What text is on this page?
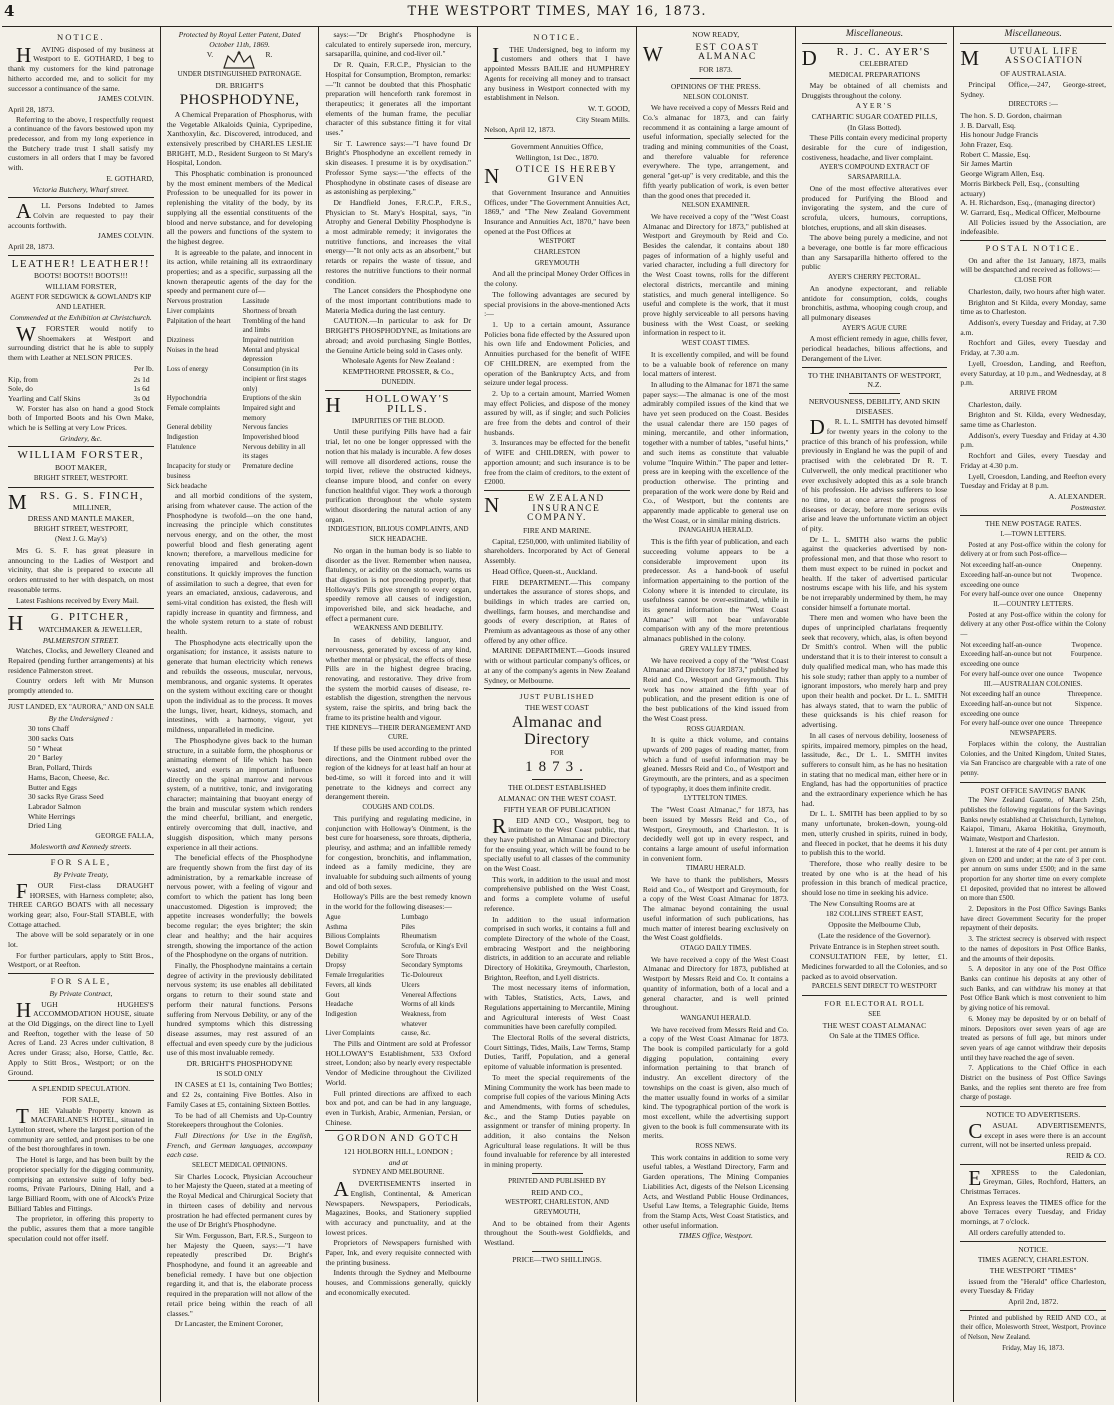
4	THE WESTPORT TIMES, MAY 16, 1873.
NOTICE.

H AVING disposed of my business at Westport to E. GOTHARD, I beg to thank my customers for the kind patronage hitherto accorded me, and to solicit for my successor a continuance of the same.

JAMES COLVIN.
April 28, 1873.

Referring to the above, I respectfully request a continuance of the favors bestowed upon my predecessor, and from my long experience in the Butchery trade trust I shall satisfy my customers in all orders that I may be favored with.

E. GOTHARD,
Victoria Butchery, Wharf street.

A LL Persons Indebted to James Colvin are requested to pay their accounts forthwith.

JAMES COLVIN.
April 28, 1873.
LEATHER! LEATHER!!
BOOTS! BOOTS!! BOOTS!!!
WILLIAM FORSTER,
AGENT FOR SEDGWICK & GOWLAND'S KIP AND LEATHER.
Commended at the Exhibition at Christchurch.

W FORSTER would notify to Shoemakers at Westport and surrounding district that he is able to supply them with Leather at NELSON PRICES.

Per lb.
Kip, from	2s 1d
Sole, do	1s 6d
Yearling and Calf Skins	3s 0d

W. Forster has also on hand a good Stock both of Imported Boots and his Own Make, which he is Selling at very Low Prices.

Grindery, &c.
WILLIAM FORSTER,
BOOT MAKER,
BRIGHT STREET, WESTPORT.
M RS. G. S. FINCH,
MILLINER,
DRESS AND MANTLE MAKER,
BRIGHT STREET, WESTPORT,
(Next J. G. May's)

Mrs G. S. F. has great pleasure in announcing to the Ladies of Westport and vicinity, that she is prepared to execute all orders entrusted to her with despatch, on most reasonable terms.

Latest Fashions received by Every Mail.

H G. PITCHER,
WATCHMAKER & JEWELLER,
PALMERSTON STREET.

Watches, Clocks, and Jewellery Cleaned and Repaired (pending further arrangements) at his residence Palmerston street.

Country orders left with Mr Munson promptly attended to.

JUST LANDED, EX "AURORA," AND ON SALE
By the Undersigned :
30 tons Chaff
300 sacks Oats
50 " Wheat
20 " Barley
Bran, Pollard, Thirds
Hams, Bacon, Cheese, &c.
Butter and Eggs
30 sacks Rye Grass Seed
Labrador Salmon
White Herrings
Dried Ling
GEORGE FALLA,
Molesworth and Kennedy streets.
FOR SALE,
By Private Treaty,

F OUR First-class DRAUGHT HORSES, with Harness complete; also, THREE CARGO BOATS with all necessary working gear; also, Four-Stall STABLE, with Cottage attached.

The above will be sold separately or in one lot.

For further particulars, apply to Stitt Bros., Westport, or at Reefton.

FOR SALE,
By Private Contract,

H UGH HUGHES'S ACCOMMODATION HOUSE, situate at the Old Diggings, on the direct line to Lyell and Reefton, together with the lease of 50 Acres of Land. 23 Acres under cultivation, 8 Acres under Grass; also, Horse, Cattle, &c. Apply to Stitt Bros., Westport; or on the Ground.

A SPLENDID SPECULATION.
FOR SALE,

T HE Valuable Property known as MACFARLANE'S HOTEL, situated in Lyttelton street, where the largest portion of the community are settled, and promises to be one of the best thoroughfares in town.

The Hotel is large, and has been built by the proprietor specially for the digging community, comprising an extensive suite of lofty bed-rooms, Private Parlours, Dining Hall, and a large Billiard Room, with one of Alcock's Prize Billiard Tables and Fittings.

The proprietor, in offering this property to the public, assures them that a more tangible speculation could not offer itself.

Protected by Royal Letter Patent, Dated October 11th, 1869.
V.	R.
UNDER DISTINGUISHED PATRONAGE.
DR. BRIGHT'S
PHOSPHODYNE,

A Chemical Preparation of Phosphorus, with the Vegetable Alkaloids Quinia, Cypripedine, Xanthoxylin, &c. Discovered, introduced, and extensively prescribed by CHARLES LESLIE BRIGHT, M.D., Resident Surgeon to St Mary's Hospital, London.

This Phosphatic combination is pronounced by the most eminent members of the Medical Profession to be unequalled for its power in replenishing the vitality of the body, by its supplying all the essential constituents of the blood and nerve substance, and for developing all the powers and functions of the system to the highest degree.

It is agreeable to the palate, and innocent in its action, while retaining all its extraordinary properties; and as a specific, surpassing all the known therapeutic agents of the day for the speedy and permanent cure of—

Nervous prostration	Lassitude
Liver complaints	Shortness of breath
Palpitation of the heart	Trembling of the hand and limbs
Dizziness	Impaired nutrition
Noises in the head	Mental and physical depression
Loss of energy	Consumption (in its incipient or first stages only)
Hypochondria	Eruptions of the skin
Female complaints	Impaired sight and memory
General debility	Nervous fancies
Indigestion	Impoverished blood
Flatulence	Nervous debility in all its stages
Incapacity for study or business
Premature decline
Sick headache

and all morbid conditions of the system, arising from whatever cause. The action of the Phosphodyne is twofold—on the one hand, increasing the principle which constitutes nervous energy, and on the other, the most powerful blood and flesh generating agent known; therefore, a marvellous medicine for renovating impaired and broken-down constitutions. It quickly improves the function of assimilation to such a degree, that even for years an emaciated, anxious, cadaverous, and semi-vital condition has existed, the flesh will rapidly increase in quantity and firmness, and the whole system return to a state of robust health.

The Phosphodyne acts electrically upon the organisation; for instance, it assists nature to generate that human electricity which renews and rebuilds the osseous, muscular, nervous, membranous, and organic systems. It operates on the system without exciting care or thought upon the individual as to the process. It moves the lungs, liver, heart, kidneys, stomach, and intestines, with a harmony, vigour, yet mildness, unparalleled in medicine.

The Phosphodyne gives back to the human structure, in a suitable form, the phosphorus or animating element of life which has been wasted, and exerts an important influence directly on the spinal marrow and nervous system, of a nutritive, tonic, and invigorating character; maintaining that buoyant energy of the brain and muscular system which renders the mind cheerful, brilliant, and energetic, entirely overcoming that dull, inactive, and sluggish disposition, which many persons experience in all their actions.

The beneficial effects of the Phosphodyne are frequently shown from the first day of its administration, by a remarkable increase of nervous power, with a feeling of vigour and comfort to which the patient has long been unaccustomed. Digestion is improved; the appetite increases wonderfully; the bowels become regular; the eyes brighter; the skin clear and healthy; and the hair acquires strength, showing the importance of the action of the Phosphodyne on the organs of nutrition.

Finally, the Phosphodyne maintains a certain degree of activity in the previously debilitated nervous system; its use enables all debilitated organs to return to their sound state and perform their natural functions. Persons suffering from Nervous Debility, or any of the hundred symptoms which this distressing disease assumes, may rest assured of an effectual and even speedy cure by the judicious use of this most invaluable remedy.

DR. BRIGHT'S PHOSPHODYNE
IS SOLD ONLY

IN CASES at £1 1s, containing Two Bottles; and £2 2s, containing Five Bottles. Also in Family Cases at £5, containing Sixteen Bottles.

To be had of all Chemists and Up-Country Storekeepers throughout the Colonies.

Full Directions for Use in the English, French, and German languages, accompany each case.

SELECT MEDICAL OPINIONS.

Sir Charles Locock, Physician Accoucheur to her Majesty the Queen, stated at a meeting of the Royal Medical and Chirurgical Society that in thirteen cases of debility and nervous prostration he had effected permanent cures by the use of Dr Bright's Phosphodyne.

Sir Wm. Fergusson, Bart, F.R.S., Surgeon to her Majesty the Queen, says:—"I have repeatedly prescribed Dr. Bright's Phosphodyne, and found it an agreeable and beneficial remedy. I have but one objection regarding it, and that is, the elaborate process required in the preparation will not allow of the retail price being within the reach of all classes."

Dr Lancaster, the Eminent Coroner,

says:—"Dr Bright's Phosphodyne is calculated to entirely supersede iron, mercury, sarsaparilla, quinine, and cod-liver oil."

Dr R. Quain, F.R.C.P., Physician to the Hospital for Consumption, Brompton, remarks:—"It cannot be doubted that this Phosphatic preparation will henceforth rank foremost in therapeutics; it generates all the important elements of the human frame, the peculiar character of this substance fitting it for vital uses."

Sir T. Lawrence says:—"I have found Dr Bright's Phosphodyne an excellent remedy in skin diseases. I presume it is by oxydisation." Professor Syme says:—"the effects of the Phosphodyne in obstinate cases of disease are as astonishing as perplexing."

Dr Handfield Jones, F.R.C.P., F.R.S., Physician to St. Mary's Hospital, says, "in Atrophy and General Debility Phosphodyne is a most admirable remedy; it invigorates the nutritive functions, and increases the vital energy—"It not only acts as an absorbent," but retards or repairs the waste of tissue, and restores the nutritive functions to their normal condition.

The Lancet considers the Phosphodyne one of the most important contributions made to Materia Medica during the last century.

CAUTION.—In particular to ask for Dr BRIGHT'S PHOSPHODYNE, as Imitations are abroad; and avoid purchasing Single Bottles, the Genuine Article being sold in Cases only.

Wholesale Agents for New Zealand :
KEMPTHORNE PROSSER, & Co.,
DUNEDIN.
H HOLLOWAY'S PILLS.
IMPURITIES OF THE BLOOD.

Until these purifying Pills have had a fair trial, let no one be longer oppressed with the notion that his malady is incurable. A few doses will remove all disordered actions, rouse the torpid liver, relieve the obstructed kidneys, cleanse impure blood, and confer on every function healthful vigor. They work a thorough purification throughout the whole system without disordering the natural action of any organ.

INDIGESTION, BILIOUS COMPLAINTS, AND SICK HEADACHE.

No organ in the human body is so liable to disorder as the liver. Remember when nausea, flatulency, or acidity on the stomach, warns us that digestion is not proceeding properly, that Holloway's Pills give strength to every organ, speedily remove all causes of indigestion, impoverished bile, and sick headache, and effect a permanent cure.

WEAKNESS AND DEBILITY.

In cases of debility, languor, and nervousness, generated by excess of any kind, whether mental or physical, the effects of these Pills are in the highest degree bracing, renovating, and restorative. They drive from the system the morbid causes of disease, re-establish the digestion, strengthen the nervous system, raise the spirits, and bring back the frame to its pristine health and vigour.

THE KIDNEYS—THEIR DERANGEMENT AND CURE.

If these pills be used according to the printed directions, and the Ointment rubbed over the region of the kidneys for at least half an hour at bed-time, so will it forced into and it will penetrate to the kidneys and correct any derangement therein.

COUGHS AND COLDS.

This purifying and regulating medicine, in conjunction with Holloway's Ointment, is the best cure for hoarseness, sore throats, diptheria, pleurisy, and asthma; and an infallible remedy for congestion, bronchitis, and inflammation, indeed as a family medicine, they are invaluable for subduing such ailments of young and old of both sexes.

Holloway's Pills are the best remedy known in the world for the following diseases:—

Ague	Lumbago
Asthma	Piles
Bilious Complaints	Rheumatism
Bowel Complaints	Scrofula, or King's Evil
Debility	Sore Throats
Dropsy	Secondary Symptoms
Female Irregularities	Tic-Doloureux
Fevers, all kinds	Ulcers
Gout	Venereal Affections
Headache	Worms of all kinds
Indigestion	Weakness, from whatever
Liver Complaints	cause, &c.

The Pills and Ointment are sold at Professor HOLLOWAY'S Establishment, 533 Oxford street, London; also by nearly every respectable Vendor of Medicine throughout the Civilized World.

Full printed directions are affixed to each box and pot, and can be had in any language, even in Turkish, Arabic, Armenian, Persian, or Chinese.

GORDON AND GOTCH
121 HOLBORN HILL, LONDON ;
and at
SYDNEY AND MELBOURNE.

A DVERTISEMENTS inserted in English, Continental, & American Newspapers. Newspapers, Periodicals, Magazines, Books, and Stationery supplied with accuracy and punctuality, and at the lowest prices.

Proprietors of Newspapers furnished with Paper, Ink, and every requisite connected with the printing business.

Indents through the Sydney and Melbourne houses, and Commissions generally, quickly and economically executed.

NOTICE.

I THE Undersigned, beg to inform my customers and others that I have appointed Messrs BAILIE and HUMPHREY Agents for receiving all money and to transact any business in Westport connected with my establishment in Nelson.

W. T. GOOD,
City Steam Mills.
Nelson, April 12, 1873.
Government Annuities Office,
Wellington, 1st Dec., 1870.
N OTICE IS HEREBY GIVEN

that Government Insurance and Annuities Offices, under "The Government Annuities Act, 1869," and "The New Zealand Government Insurance and Annuities Act, 1870," have been opened at the Post Offices at

WESTPORT
CHARLESTON
GREYMOUTH

And all the principal Money Order Offices in the colony.

The following advantages are secured by special provisions in the above-mentioned Acts :—

1. Up to a certain amount, Assurance Policies bona fide effected by the Assured upon his own life and Endowment Policies, and Annuities purchased for the benefit of WIFE OF CHILDREN, are exempted from the operation of the Bankruptcy Acts, and from seizure under legal process.

2. Up to a certain amount, Married Women may effect Policies, and dispose of the money assured by will, as if single; and such Policies are free from the debts and control of their husbands.

3. Insurances may be effected for the benefit of WIFE and CHILDREN, with power to apportion amount; and such insurance is to be free from the claim of creditors, to the extent of £2000.

N	EW ZEALAND INSURANCE COMPANY.
FIRE AND MARINE.

Capital, £250,000, with unlimited liability of shareholders. Incorporated by Act of General Assembly.

Head Office, Queen-st., Auckland.

FIRE DEPARTMENT.—This company undertakes the assurance of stores shops, and buildings in which trades are carried on, dwellings, farm houses, and merchandise and goods of every description, at Rates of Premium as advantageous as those of any other offered by any other office.

MARINE DEPARTMENT.—Goods insured with or without particular company's offices, or at any of the company's agents in New Zealand Sydney, or Melbourne.

JUST PUBLISHED
THE WEST COAST
Almanac and Directory
FOR
1873.
THE OLDEST ESTABLISHED
ALMANAC ON THE WEST COAST.
FIFTH YEAR OF PUBLICATION

R EID AND CO., Westport, beg to intimate to the West Coast public, that they have published an Almanac and Directory for the ensuing year, which will be found to be specially useful to all classes of the community on the West Coast.

This work, in addition to the usual and most comprehensive published on the West Coast, and forms a complete volume of useful reference.

In addition to the usual information comprised in such works, it contains a full and complete Directory of the whole of the Coast, embracing Westport and the neighboring districts, in addition to an accurate and reliable Directory of Hokitika, Greymouth, Charleston, Brighton, Reefton, and Lyell districts.

The most necessary items of information, with Tables, Statistics, Acts, Laws, and Regulations appertaining to Mercantile, Mining and Agricultural interests of West Coast communities have been carefully compiled.

The Electoral Rolls of the several districts, Court Sittings, Tides, Mails, Law Terms, Stamp Duties, Tariff, Population, and a general epitome of valuable information is presented.

To meet the special requirements of the Mining Community the work has been made to comprise full copies of the various Mining Acts and Amendments, with forms of schedules, &c., and the Stamp Duties payable on assignment or transfer of mining property. In addition, it also contains the Nelson Agricultural lease regulations. It will be thus found invaluable for reference by all interested in mining property.

PRINTED AND PUBLISHED BY
REID AND CO.,
WESTPORT, CHARLESTON, AND GREYMOUTH,

And to be obtained from their Agents throughout the South-west Goldfields, and Westland.

PRICE—TWO SHILLINGS.
NOW READY,
W	EST COAST ALMANAC
FOR 1873.
OPINIONS OF THE PRESS.
NELSON COLONIST.

We have received a copy of Messrs Reid and Co.'s almanac for 1873, and can fairly recommend it as containing a large amount of useful information, specially selected for the trading and mining communities of the Coast, and therefore valuable for reference everywhere. The type, arrangement, and general "get-up" is very creditable, and this the fifth yearly publication of work, is even better than the good ones that preceded it.

NELSON EXAMINER.

We have received a copy of the "West Coast Almanac and Directory for 1873," published at Westport and Greymouth by Reid and Co. Besides the calendar, it contains about 180 pages of information of a highly useful and varied character, including a full directory for the West Coast towns, rolls for the different electoral districts, mercantile and mining statistics, and much general intelligence. So useful and complete is the work, that it must prove highly serviceable to all persons having business with the West Coast, or seeking information in respect to it.

WEST COAST TIMES.

It is excellently compiled, and will be found to be a valuable book of reference on many local matters of interest.

In alluding to the Almanac for 1871 the same paper says:—The almanac is one of the most admirably compiled issues of the kind that we have yet seen produced on the Coast. Besides the usual calendar there are 150 pages of mining, mercantile, and other information, together with a number of tables, "useful hints," and such items as constitute that valuable volume "Inquire Within." The paper and letter-press are in keeping with the excellence of the production otherwise. The printing and preparation of the work were done by Reid and Co., of Westport, but the contents are apparently made applicable to general use on the West Coast, or in similar mining districts.

INANGAHUA HERALD.

This is the fifth year of publication, and each succeeding volume appears to be a considerable improvement upon its predecessor. As a hand-book of useful information appertaining to the portion of the Colony where it is intended to circulate, its usefulness cannot be over-estimated, while in its general information the "West Coast Almanac" will not bear unfavorable comparison with any of the more pretentious almanacs published in the colony.

GREY VALLEY TIMES.

We have received a copy of the "West Coast Almanac and Directory for 1873," published by Reid and Co., Westport and Greymouth. This work has now attained the fifth year of publication, and the present edition is one of the best publications of the kind issued from the West Coast press.

ROSS GUARDIAN.

It is quite a thick volume, and contains upwards of 200 pages of reading matter, from which a fund of useful information may be gleaned. Messrs Reid and Co., of Westport and Greymouth, are the printers, and as a specimen of typography, it does them infinite credit.

LYTTELTON TIMES.

The "West Coast Almanac," for 1873, has been issued by Messrs Reid and Co., of Westport, Greymouth, and Charleston. It is decidedly well got up in every respect, and contains a large amount of useful information in convenient form.

TIMARU HERALD.

We have to thank the publishers, Messrs Reid and Co., of Westport and Greymouth, for a copy of the West Coast Almanac for 1873. The almanac beyond containing the usual useful information of such publications, has much matter of interest bearing exclusively on the West Coast goldfields.

OTAGO DAILY TIMES.

We have received a copy of the West Coast Almanac and Directory for 1873, published at Westport by Messrs Reid and Co. It contains a quantity of information, both of a local and a general character, and is well printed throughout.

WANGANUI HERALD.

We have received from Messrs Reid and Co. a copy of the West Coast Almanac for 1873. The book is compiled particularly for a gold digging population, containing every information pertaining to that branch of industry. An excellent directory of the townships on the coast is given, also much of the matter usually found in works of a similar kind. The typographical portion of the work is most excellent, while the advertising support given to the book is full commensurate with its merits.

ROSS NEWS.

This work contains in addition to some very useful tables, a Westland Directory, Farm and Garden operations, The Mining Companies Liabilities Act, digests of the Nelson Licensing Acts, and Westland Public House Ordinances, Useful Law Items, a Telegraphic Guide, Items from the Stamp Acts, West Coast Statistics, and other useful information.

TIMES Office, Westport.
Miscellaneous.
D R. J. C. AYER'S
CELEBRATED
MEDICAL PREPARATIONS

May be obtained of all chemists and Druggists throughout the colony.

AYER'S
CATHARTIC SUGAR COATED PILLS,
(In Glass Botted).

These Pills contain every medicinal property desirable for the cure of indigestion, costiveness, headache, and liver complaint.

AYER'S COMPOUND EXTRACT OF SARSAPARILLA.

One of the most effective alteratives ever produced for Purifying the Blood and invigorating the system, and the cure of scrofula, ulcers, humours, corruptions, blotches, eruptions, and all skin diseases.

The above being purely a medicine, and not a beverage, one bottle is far more efficacious than any Sarsaparilla hitherto offered to the public

AYER'S CHERRY PECTORAL.

An anodyne expectorant, and reliable antidote for consumption, colds, coughs bronchitis, asthma, whooping cough croup, and all pulmonary diseases

AYER'S AGUE CURE

A most efficient remedy in ague, chills fever, periodical headaches, bilious affections, and Derangement of the Liver.

TO THE INHABITANTS OF WESTPORT, N.Z.
NERVOUSNESS, DEBILITY, AND SKIN DISEASES.

D R. L. L. SMITH has devoted himself for twenty years in the colony to the practice of this branch of his profession, while previously in England he was the pupil of and practised with the celebrated Dr R. T. Culverwell, the only medical practitioner who ever exclusively adopted this as a sole branch of his profession. He advises sufferers to lose no time, to at once arrest the progress of diseases or decay, before more serious evils arise and leave the unfortunate victim an object of pity.

Dr L. L. SMITH also warns the public against the quackeries advertised by non-professional men, and that those who resort to them must expect to be ruined in pocket and health. If the taker of advertised particular nostrums escape with his life, and his system be not irreparably undermined by them, he may consider himself a fortunate mortal.

There men and women who have been the dupes of unprincipled charlatans frequently seek that recovery, which, alas, is often beyond Dr Smith's control. When will the public understand that it is to their interest to consult a duly qualified medical man, who has made this his sole study; rather than apply to a number of ignorant impostors, who merely harp and prey upon their health and pocket. Dr L. L. SMITH has always stated, that to warn the public of these quicksands is his chief reason for advertising.

In all cases of nervous debility, looseness of spirits, impaired memory, pimples on the head, lassitude, &c., Dr L. L. SMITH invites sufferers to consult him, as he has no hesitation in stating that no medical man, either here or in England, has had the opportunities of practice and the extraordinary experience which he has had.

Dr L. L. SMITH has been applied to by so many unfortunate, broken-down, young-old men, utterly crushed in spirits, ruined in body, and fleeced in pocket, that he deems it his duty to publish this to the world.

Therefore, those who really desire to be treated by one who is at the head of his profession in this branch of medical practice, should lose no time in seeking his advice.

The New Consulting Rooms are at

182 COLLINS STREET EAST,
Opposite the Melbourne Club,
(Late the residence of the Governor).

Private Entrance is in Stephen street south.

CONSULTATION FEE, by letter, £1. Medicines forwarded to all the Colonies, and so packed as to avoid observation.

PARCELS SENT DIRECT TO WESTPORT
FOR ELECTORAL ROLL
SEE
THE WEST COAST ALMANAC
On Sale at the TIMES Office.
Miscellaneous.
M	UTUAL LIFE ASSOCIATION
OF AUSTRALASIA.

Principal Office,—247, George-street, Sydney.

DIRECTORS :—
The hon. S. D. Gordon, chairman
J. B. Darvall, Esq.
His honour Judge Francis
John Frazer, Esq.
Robert C. Massie, Esq.
Sir James Martin
George Wigram Allen, Esq.
Morris Birkbeck Pell, Esq., (consulting actuary)
A. H. Richardson, Esq., (managing director)
W. Garrard, Esq., Medical Officer, Melbourne

All Policies issued by the Association, are indefeasible.

POSTAL NOTICE.

On and after the 1st January, 1873, mails will be despatched and received as follows:—

CLOSE FOR

Charleston, daily, two hours after high water.

Brighton and St Kilda, every Monday, same time as to Charleston.

Addison's, every Tuesday and Friday, at 7.30 a.m.

Rochfort and Giles, every Tuesday and Friday, at 7.30 a.m.

Lyell, Croesdon, Landing, and Reefton, every Saturday, at 10 p.m., and Wednesday, at 8 p.m.

ARRIVE FROM

Charleston, daily.

Brighton and St. Kilda, every Wednesday, same time as Charleston.

Addison's, every Tuesday and Friday at 4.30 p.m.

Rochfort and Giles, every Tuesday and Friday at 4.30 p.m.

Lyell, Croesdon, Landing, and Reefton every Tuesday and Friday at 8 p.m.

A. ALEXANDER.
Postmaster.
THE NEW POSTAGE RATES.
I.—TOWN LETTERS.

Posted at any Post-office within the colony for delivery at or from such Post-office—

Not exceeding half-an-ounce	Onepenny.
Exceeding half-an-ounce but not exceeding one ounce
Twopence.
For every half-ounce over one ounce Onepenny
II.—COUNTRY LETTERS.

Posted at any Post-office within the colony for delivery at any other Post-office within the Colony—

Not exceeding half-an-ounce	Twopence.
Exceeding half-an-ounce but not exceeding one ounce
Fourpence.
For every half-ounce over one ounce Twopence
III.—AUSTRALIAN COLONIES.
Not exceeding half an ounce	Threepence.
Exceeding half-an-ounce but not exceeding one ounce
Sixpence.
For every half-ounce over one ounce Threepence
NEWSPAPERS.

Forplaces within the colony, the Australian Colonies, and the United Kingdom, United States, via San Francisco are chargeable with a rate of one penny.

POST OFFICE SAVINGS' BANK

The New Zealand Gazette, of March 25th, publishes the following regulations for the Savings Banks newly established at Christchurch, Lyttelton, Kaiapoi, Timaru, Akaroa Hokitika, Greymouth, Waimate, Westport and Charleston.

1. Interest at the rate of 4 per cent. per annum is given on £200 and under; at the rate of 3 per cent. per annum on sums under £500; and in the same proportion for any shorter time on every complete £1 deposited, provided that no interest be allowed on more than £500.

2. Depositors in the Post Office Savings Banks have direct Government Security for the proper repayment of their deposits.

3. The strictest secrecy is observed with respect to the names of depositors in Post Office Banks, and the amounts of their deposits.

5. A depositor in any one of the Post Office Banks can continue his deposits at any other of such Banks, and can withdraw his money at that Post Office Bank which is most convenient to him by giving notice of his removal.

6. Money may be deposited by or on behalf of minors. Depositors over seven years of age are treated as persons of full age, but minors under seven years of age cannot withdraw their deposits until they have reached the age of seven.

7. Applications to the Chief Office in each District on the business of Post Office Savings Banks, and the replies sent thereto are free from charge of postage.

NOTICE TO ADVERTISERS.

C ASUAL ADVERTISEMENTS, except in ases were there is an account current, will not be inserted unless prepaid.

REID & CO.

E XPRESS to the Caledonian, Greyman, Giles, Rochford, Hatters, an Christmas Terraces.

An Express leaves the TIMES office for the above Terraces every Tuesday, and Friday mornings, at 7 o'clock.

All orders carefully attended to.

NOTICE.
TIMES AGENCY, CHARLESTON.
THE WESTPORT "TIMES"

issued from the "Herald" office Charleston, every Tuesday & Friday

April 2nd, 1872.

Printed and published by REID AND CO., at their office, Molesworth Street, Westport, Province of Nelson, New Zealand.

Friday, May 16, 1873.
